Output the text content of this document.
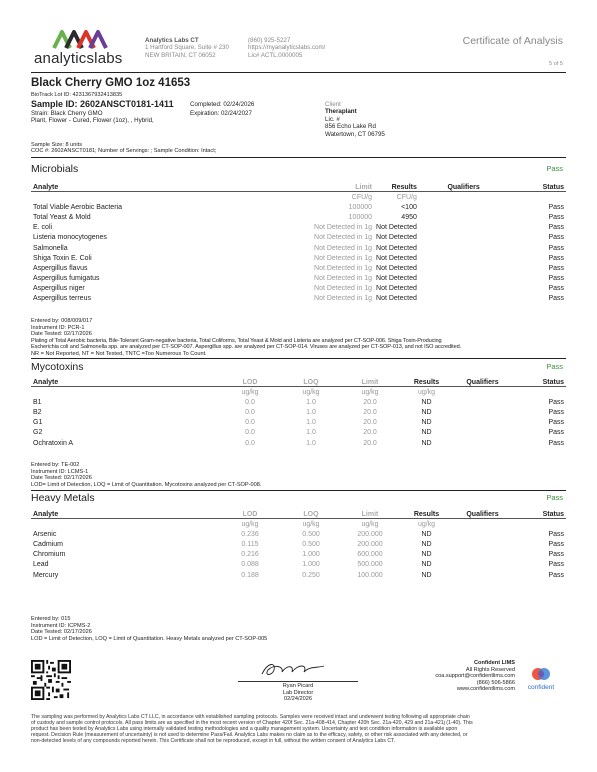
analyticslabs
Analytics Labs CT
1 Hartford Square, Suite # 230
NEW BRITAIN, CT 06052
(860) 925-5227
https://myanalyticslabs.com/
Lic# ACTL.0000005
Certificate of Analysis
5 of 5
Black Cherry GMO 1oz 41653
BioTrack Lot ID: 4231367932413835
Sample ID: 2602ANSCT0181-1411	Completed: 02/24/2026
Strain: Black Cherry GMO	Expiration: 02/24/2027
Plant, Flower - Cured, Flower (1oz), , Hybrid,
Client
Theraplant
Lic. #
856 Echo Lake Rd
Watertown, CT 06795
Sample Size: 8 units
COC #: 2602ANSCT0181; Number of Servings: ; Sample Condition: Intact;
Microbials	Pass
Analyte	Limit	Results	Qualifiers	Status
	CFU/g	CFU/g		
Total Viable Aerobic Bacteria	100000	<100		Pass
Total Yeast & Mold	100000	4950		Pass
E. coli	Not Detected in 1g	Not Detected		Pass
Listeria monocytogenes	Not Detected in 1g	Not Detected		Pass
Salmonella	Not Detected in 1g	Not Detected		Pass
Shiga Toxin E. Coli	Not Detected in 1g	Not Detected		Pass
Aspergillus flavus	Not Detected in 1g	Not Detected		Pass
Aspergillus fumigatus	Not Detected in 1g	Not Detected		Pass
Aspergillus niger	Not Detected in 1g	Not Detected		Pass
Aspergillus terreus	Not Detected in 1g	Not Detected		Pass
Entered by: 008/009/017
Instrument ID: PCR-1
Date Tested: 02/17/2026
Plating of Total Aerobic bacteria, Bile-Tolerant Gram-negative bacteria, Total Coliforms, Total Yeast & Mold and Listeria are analyzed per CT-SOP-006. Shiga Toxin-Producing
Escherichia coli and Salmonella spp. are analyzed per CT-SOP-007. Aspergillus spp. are analyzed per CT-SOP-014. Viruses are analyzed per CT-SOP-013, and not ISO accredited.
NR = Not Reported, NT = Not Tested, TNTC =Too Numerous To Count.
Mycotoxins	Pass
Analyte	LOD	LOQ	Limit	Results	Qualifiers	Status
	ug/kg	ug/kg	ug/kg	ug/kg		
B1	0.0	1.0	20.0	ND		Pass
B2	0.0	1.0	20.0	ND		Pass
G1	0.0	1.0	20.0	ND		Pass
G2	0.0	1.0	20.0	ND		Pass
Ochratoxin A	0.0	1.0	20.0	ND		Pass
Entered by: TE-002
Instrument ID: LCMS-1
Date Tested: 02/17/2026
LOD= Limit of Detection, LOQ = Limit of Quantitation. Mycotoxins analyzed per CT-SOP-008.
Heavy Metals	Pass
Analyte	LOD	LOQ	Limit	Results	Qualifiers	Status
	ug/kg	ug/kg	ug/kg	ug/kg		
Arsenic	0.236	0.500	200.000	ND		Pass
Cadmium	0.115	0.500	200.000	ND		Pass
Chromium	0.216	1.000	600.000	ND		Pass
Lead	0.088	1.000	500.000	ND		Pass
Mercury	0.188	0.250	100.000	ND		Pass
Entered by: 015
Instrument ID: ICPMS-2
Date Tested: 02/17/2026
LOD = Limit of Detection, LOQ = Limit of Quantitation. Heavy Metals analyzed per CT-SOP-005
Ryan Picard
Lab Director
02/24/2026
Confident LIMS
All Rights Reserved
coa.support@confidentlims.com
(866) 506-5866
www.confidentlims.com	confident
The sampling was performed by Analytics Labs CT LLC, in accordance with established sampling protocols. Samples were received intact and underwent testing following all appropriate chain
of custody and sample control protocols. All pass limits are as specified in the most recent version of Chapter 420f Sec. 21a-408-414, Chapter 420h Sec. 21a-420, 429 and 21a-421j (1-40). This
product has been tested by Analytics Labs using internally validated testing methodologies and a quality management system. Uncertainty and test condition information is available upon
request. Decision Rule (measurement of uncertainty) is not used to determine Pass/Fail. Analytics Labs makes no claim as to the efficacy, safety, or other risk associated with any detected, or
non-detected levels of any compounds reported herein. This Certificate shall not be reproduced, except in full, without the written consent of Analytics Labs CT.
